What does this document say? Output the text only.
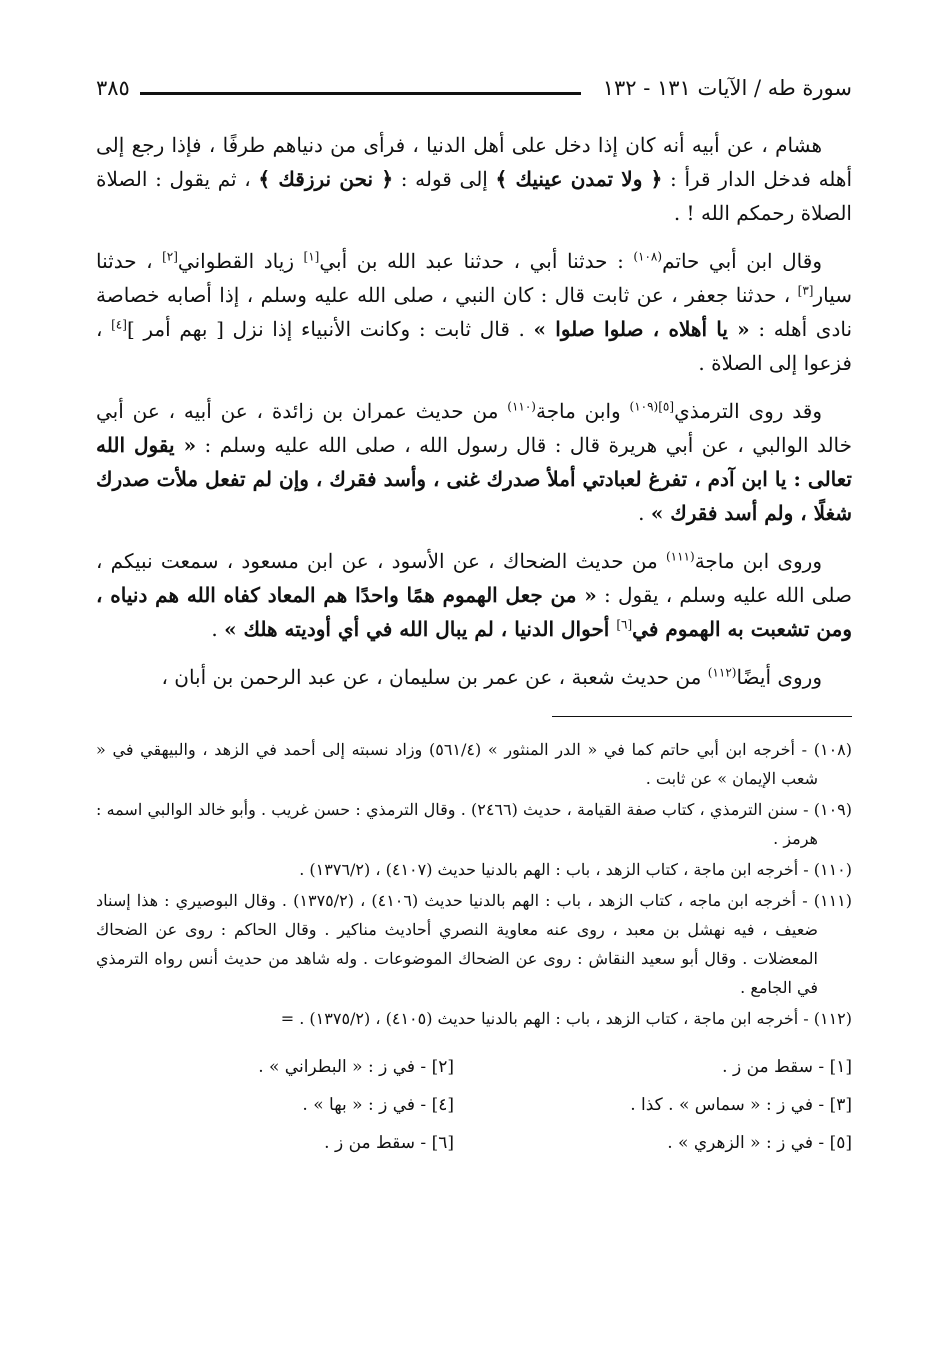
سورة طه / الآيات ١٣١ - ١٣٢
٣٨٥

هشام ، عن أبيه أنه كان إذا دخل على أهل الدنيا ، فرأى من دنياهم طرفًا ، فإذا رجع إلى أهله فدخل الدار قرأ : ﴿ ولا تمدن عينيك ﴾ إلى قوله : ﴿ نحن نرزقك ﴾ ، ثم يقول : الصلاة الصلاة رحمكم الله ! .

وقال ابن أبي حاتم$^{(١٠٨)}$ : حدثنا أبي ، حدثنا عبد الله بن أبي[١] زياد القطواني[٢] ، حدثنا سيار[٣] ، حدثنا جعفر ، عن ثابت قال : كان النبي ، صلى الله عليه وسلم ، إذا أصابه خصاصة نادى أهله : « يا أهلاه ، صلوا صلوا » . قال ثابت : وكانت الأنبياء إذا نزل [ بهم أمر ][٤] ، فزعوا إلى الصلاة .

وقد روى الترمذي$^{[٥](١٠٩)}$ وابن ماجة$^{(١١٠)}$ من حديث عمران بن زائدة ، عن أبيه ، عن أبي خالد الوالبي ، عن أبي هريرة قال : قال رسول الله ، صلى الله عليه وسلم : « يقول الله تعالى : يا ابن آدم ، تفرغ لعبادتي أملأ صدرك غنى ، وأسد فقرك ، وإن لم تفعل ملأت صدرك شغلًا ، ولم أسد فقرك » .

وروى ابن ماجة$^{(١١١)}$ من حديث الضحاك ، عن الأسود ، عن ابن مسعود ، سمعت نبيكم ، صلى الله عليه وسلم ، يقول : « من جعل الهموم همًا واحدًا هم المعاد كفاه الله هم دنياه ، ومن تشعبت به الهموم في[٦] أحوال الدنيا ، لم يبال الله في أي أوديته هلك » .

وروى أيضًا$^{(١١٢)}$ من حديث شعبة ، عن عمر بن سليمان ، عن عبد الرحمن بن أبان ،

(١٠٨) - أخرجه ابن أبي حاتم كما في « الدر المنثور » (٥٦١/٤) وزاد نسبته إلى أحمد في الزهد ، والبيهقي في « شعب الإيمان » عن ثابت .

(١٠٩) - سنن الترمذي ، كتاب صفة القيامة ، حديث (٢٤٦٦) . وقال الترمذي : حسن غريب . وأبو خالد الوالبي اسمه : هرمز .

(١١٠) - أخرجه ابن ماجة ، كتاب الزهد ، باب : الهم بالدنيا حديث (٤١٠٧) ، (١٣٧٦/٢) .

(١١١) - أخرجه ابن ماجه ، كتاب الزهد ، باب : الهم بالدنيا حديث (٤١٠٦) ، (١٣٧٥/٢) . وقال البوصيري : هذا إسناد ضعيف ، فيه نهشل بن معبد ، روى عنه معاوية النصري أحاديث مناكير . وقال الحاكم : روى عن الضحاك المعضلات . وقال أبو سعيد النقاش : روى عن الضحاك الموضوعات . وله شاهد من حديث أنس رواه الترمذي في الجامع .

(١١٢) - أخرجه ابن ماجة ، كتاب الزهد ، باب : الهم بالدنيا حديث (٤١٠٥) ، (١٣٧٥/٢) . =

[١] - سقط من ز .
[٢] - في ز : « البطراني » .
[٣] - في ز : « سماس » . كذا .
[٤] - في ز : « بها » .
[٥] - في ز : « الزهري » .
[٦] - سقط من ز .
